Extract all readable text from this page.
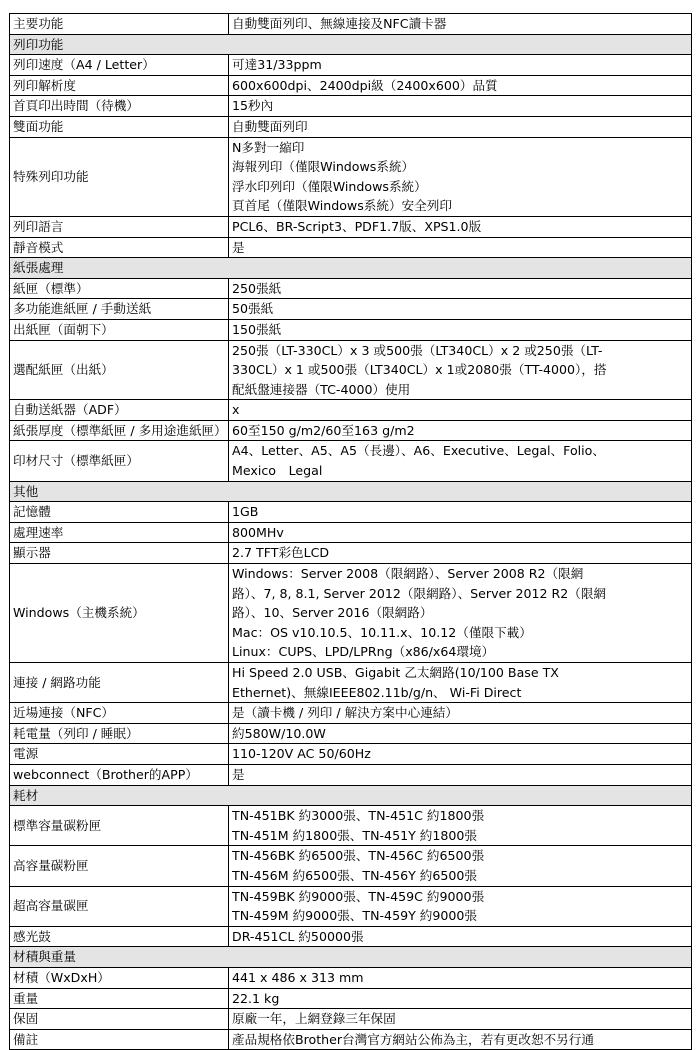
主要功能	自動雙面列印、無線連接及NFC讀卡器

列印功能	
列印速度（A4 / Letter）	可達31/33ppm

列印解析度	600x600dpi、2400dpi級（2400x600）品質

首頁印出時間（待機）	15秒內

雙面功能	自動雙面列印

特殊列印功能	N多對一縮印
海報列印（僅限Windows系統）
浮水印列印（僅限Windows系統）
頁首尾（僅限Windows系統）安全列印

列印語言	PCL6、BR-Script3、PDF1.7版、XPS1.0版

靜音模式	是

紙張處理	
紙匣（標準）	250張紙

多功能進紙匣 / 手動送紙	50張紙

出紙匣（面朝下）	150張紙

選配紙匣（出紙）	250張（LT-330CL）x 3 或500張（LT340CL）x 2 或250張（LT-
330CL）x 1 或500張（LT340CL）x 1或2080張（TT-4000），搭
配紙盤連接器（TC-4000）使用

自動送紙器（ADF）	x

紙張厚度（標準紙匣 / 多用途進紙匣）	60至150 g/m2/60至163 g/m2

印材尺寸（標準紙匣）	A4、Letter、A5、A5（長邊）、A6、Executive、Legal、Folio、
Mexico　Legal

其他	
記憶體	1GB

處理速率	800MHv

顯示器	2.7 TFT彩色LCD

Windows（主機系統）	Windows：Server 2008（限網路）、Server 2008 R2（限網
路）、7, 8, 8.1, Server 2012（限網路）、Server 2012 R2（限網
路）、10、Server 2016（限網路）
Mac：OS v10.10.5、10.11.x、10.12（僅限下載）
Linux：CUPS、LPD/LPRng（x86/x64環境）

連接 / 網路功能	Hi Speed 2.0 USB、Gigabit 乙太網路(10/100 Base TX
Ethernet)、無線IEEE802.11b/g/n、 Wi-Fi Direct

近場連接（NFC）	是（讀卡機 / 列印 / 解決方案中心連結）

耗電量（列印 / 睡眠）	約580W/10.0W

電源	110-120V AC 50/60Hz

webconnect（Brother的APP）	是

耗材	
標準容量碳粉匣	TN-451BK 約3000張、TN-451C 約1800張
TN-451M 約1800張、TN-451Y 約1800張

高容量碳粉匣	TN-456BK 約6500張、TN-456C 約6500張
TN-456M 約6500張、TN-456Y 約6500張

超高容量碳匣	TN-459BK 約9000張、TN-459C 約9000張
TN-459M 約9000張、TN-459Y 約9000張

感光鼓	DR-451CL 約50000張

材積與重量	
材積（WxDxH）	441 x 486 x 313 mm

重量	22.1 kg

保固	原廠一年，上網登錄三年保固

備註	產品規格依Brother台灣官方網站公佈為主，若有更改恕不另行通
